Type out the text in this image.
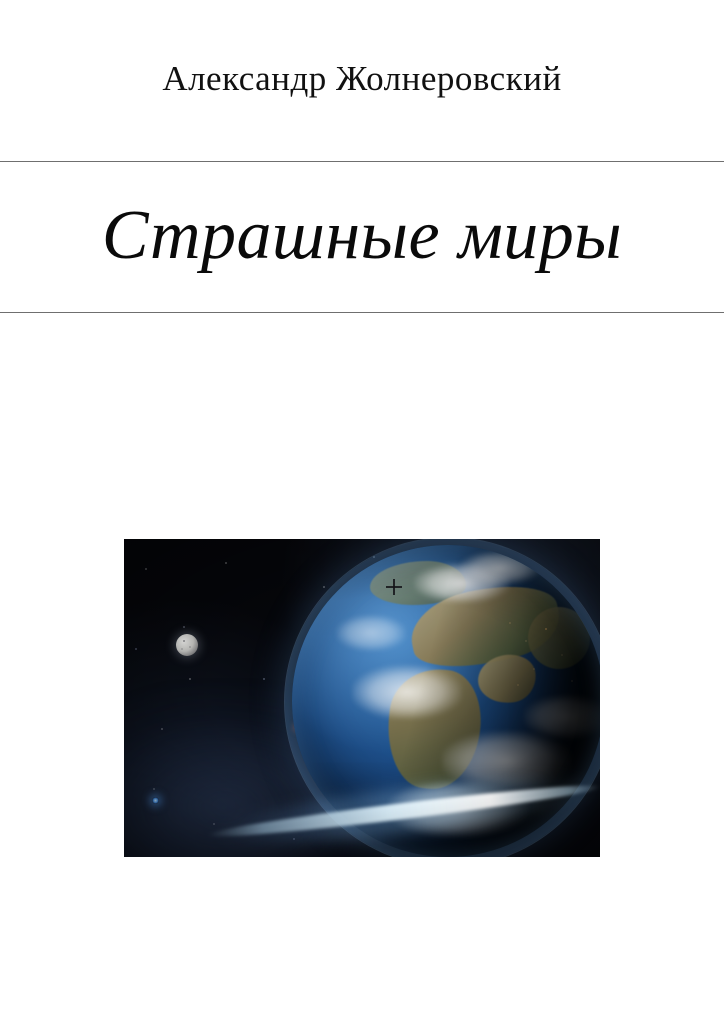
Александр Жолнеровский
Страшные миры
